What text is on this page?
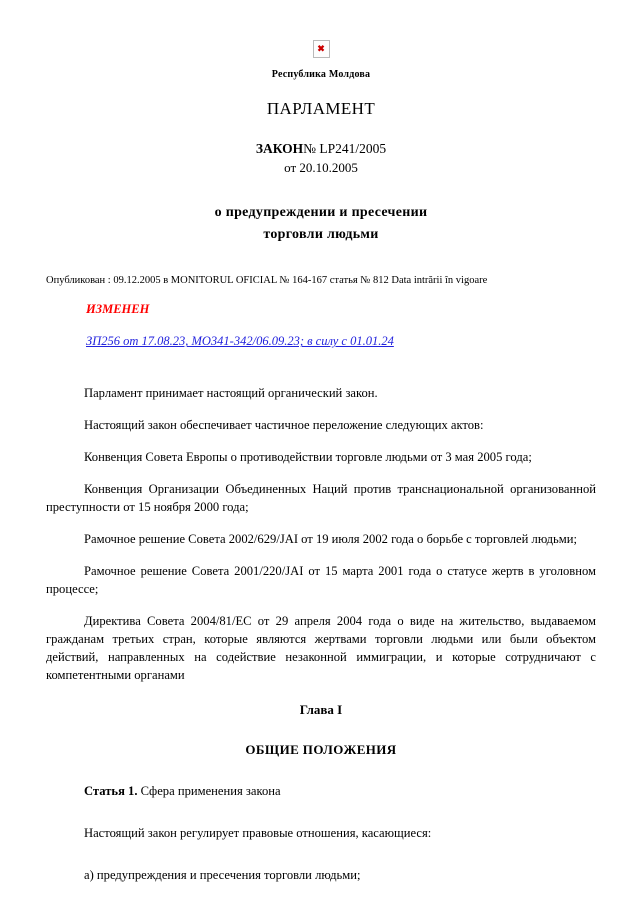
✖
Республика Молдова
ПАРЛАМЕНТ
ЗАКОН№ LP241/2005
от 20.10.2005
о предупреждении и пресечении
торговли людьми
Опубликован : 09.12.2005 в MONITORUL OFICIAL № 164-167 статья № 812 Data intrării în vigoare
ИЗМЕНЕН
ЗП256 от 17.08.23, МО341-342/06.09.23; в силу с 01.01.24

Парламент принимает настоящий органический закон.

Настоящий закон обеспечивает частичное переложение следующих актов:

Конвенция Совета Европы о противодействии торговле людьми от 3 мая 2005 года;

Конвенция Организации Объединенных Наций против транснациональной организованной преступности от 15 ноября 2000 года;

Рамочное решение Совета 2002/629/JAI от 19 июля 2002 года о борьбе с торговлей людьми;

Рамочное решение Совета 2001/220/JAI от 15 марта 2001 года о статусе жертв в уголовном процессе;

Директива Совета 2004/81/EC от 29 апреля 2004 года о виде на жительство, выдаваемом гражданам третьих стран, которые являются жертвами торговли людьми или были объектом действий, направленных на содействие незаконной иммиграции, и которые сотрудничают с компетентными органами

Глава I
ОБЩИЕ ПОЛОЖЕНИЯ
Статья 1. Сфера применения закона
Настоящий закон регулирует правовые отношения, касающиеся:
а) предупреждения и пресечения торговли людьми;
